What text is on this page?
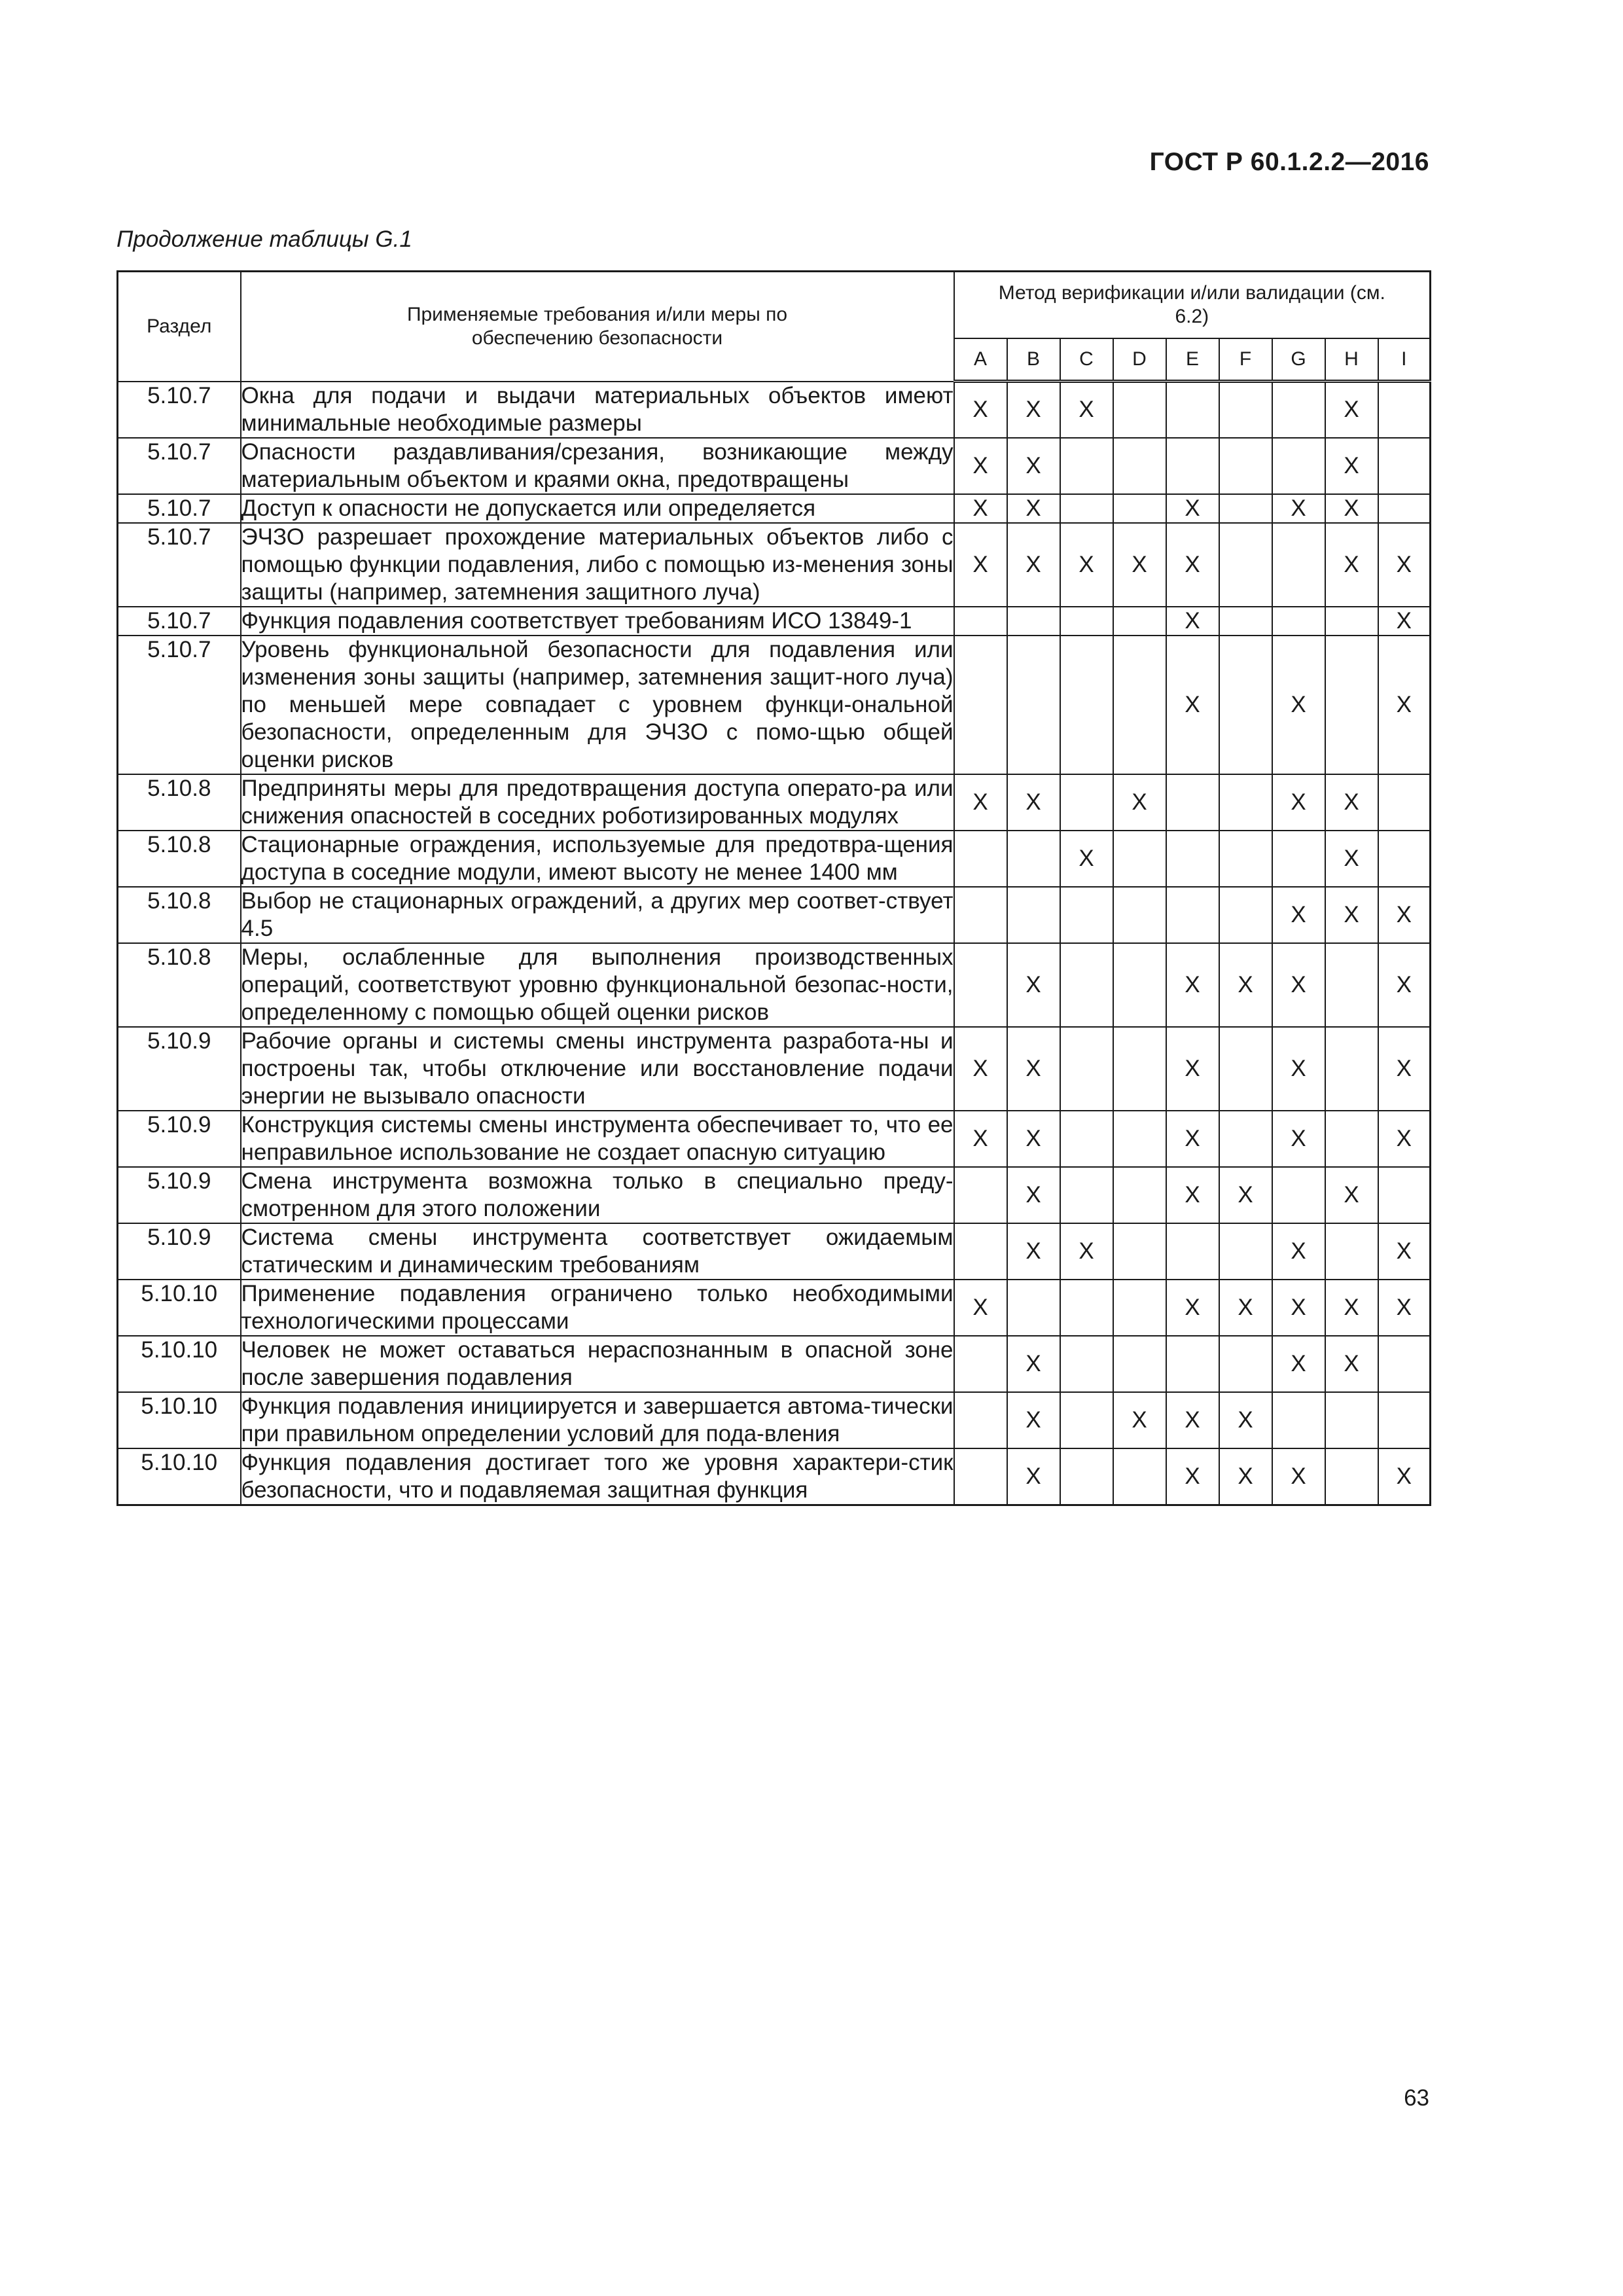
ГОСТ Р 60.1.2.2—2016
Продолжение таблицы G.1
Раздел	Применяемые требования и/или меры по обеспечению безопасности	Метод верификации и/или валидации (см. 6.2)								
		A	B	C	D	E	F	G	H	I
5.10.7	Окна для подачи и выдачи материальных объектов имеют минимальные необходимые размеры	X	X	X					X	
5.10.7	Опасности раздавливания/срезания, возникающие между материальным объектом и краями окна, предотвращены	X	X						X	
5.10.7	Доступ к опасности не допускается или определяется	X	X			X		X	X	
5.10.7	ЭЧЗО разрешает прохождение материальных объектов либо с помощью функции подавления, либо с помощью из-менения зоны защиты (например, затемнения защитного луча)	X	X	X	X	X			X	X
5.10.7	Функция подавления соответствует требованиям ИСО 13849-1					X				X
5.10.7	Уровень функциональной безопасности для подавления или изменения зоны защиты (например, затемнения защит-ного луча) по меньшей мере совпадает с уровнем функци-ональной безопасности, определенным для ЭЧЗО с помо-щью общей оценки рисков					X		X		X
5.10.8	Предприняты меры для предотвращения доступа операто-ра или снижения опасностей в соседних роботизированных модулях	X	X		X			X	X	
5.10.8	Стационарные ограждения, используемые для предотвра-щения доступа в соседние модули, имеют высоту не менее 1400 мм			X					X	
5.10.8	Выбор не стационарных ограждений, а других мер соответ-ствует 4.5							X	X	X
5.10.8	Меры, ослабленные для выполнения производственных операций, соответствуют уровню функциональной безопас-ности, определенному с помощью общей оценки рисков		X			X	X	X		X
5.10.9	Рабочие органы и системы смены инструмента разработа-ны и построены так, чтобы отключение или восстановление подачи энергии не вызывало опасности	X	X			X		X		X
5.10.9	Конструкция системы смены инструмента обеспечивает то, что ее неправильное использование не создает опасную ситуацию	X	X			X		X		X
5.10.9	Смена инструмента возможна только в специально преду-смотренном для этого положении		X			X	X		X	
5.10.9	Система смены инструмента соответствует ожидаемым статическим и динамическим требованиям		X	X				X		X
5.10.10	Применение подавления ограничено только необходимыми технологическими процессами	X				X	X	X	X	X
5.10.10	Человек не может оставаться нераспознанным в опасной зоне после завершения подавления		X					X	X	
5.10.10	Функция подавления инициируется и завершается автома-тически при правильном определении условий для пода-вления		X		X	X	X			
5.10.10	Функция подавления достигает того же уровня характери-стик безопасности, что и подавляемая защитная функция		X			X	X	X		X
63
